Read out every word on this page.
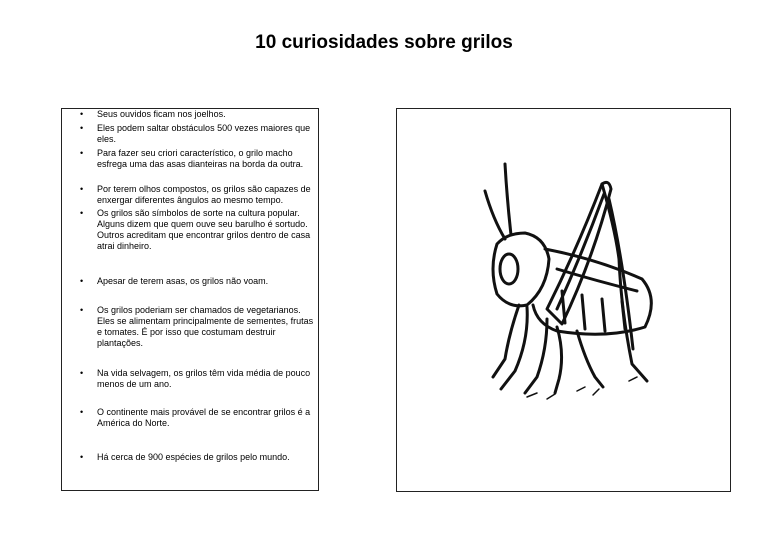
10 curiosidades sobre grilos
• Seus ouvidos ficam nos joelhos.
• Eles podem saltar obstáculos 500 vezes maiores que eles.
• Para fazer seu criori característico, o grilo macho esfrega uma das asas dianteiras na borda da outra.
• Por terem olhos compostos, os grilos são capazes de enxergar diferentes ângulos ao mesmo tempo.
• Os grilos são símbolos de sorte na cultura popular. Alguns dizem que quem ouve seu barulho é sortudo. Outros acreditam que encontrar grilos dentro de casa atrai dinheiro.
• Apesar de terem asas, os grilos não voam.
• Os grilos poderiam ser chamados de vegetarianos. Eles se alimentam principalmente de sementes, frutas e tomates. É por isso que costumam destruir plantações.
• Na vida selvagem, os grilos têm vida média de pouco menos de um ano.
• O continente mais provável de se encontrar grilos é a América do Norte.
• Há cerca de 900 espécies de grilos pelo mundo.
